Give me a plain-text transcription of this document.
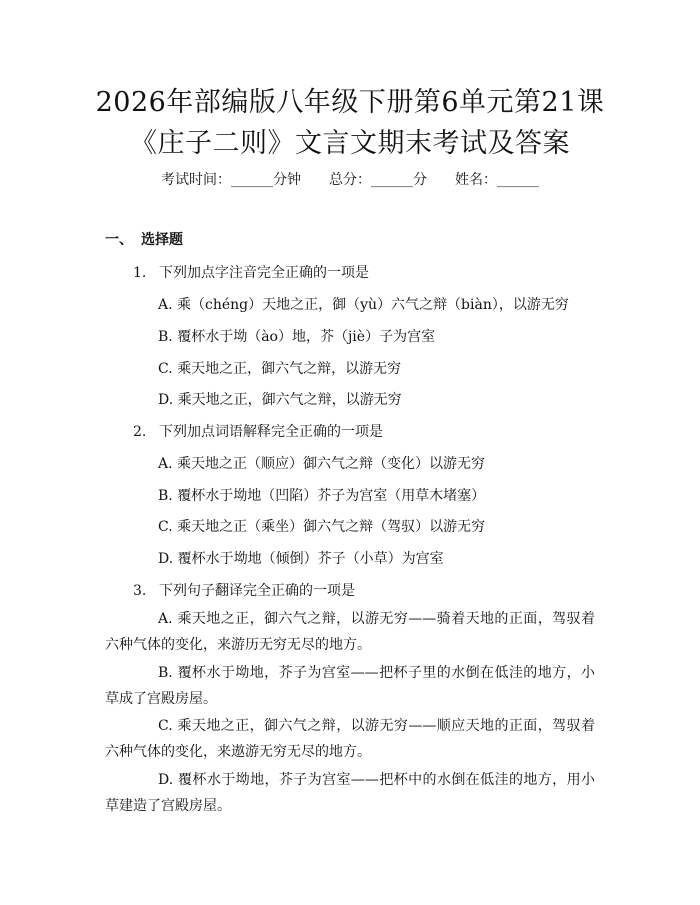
2026年部编版八年级下册第6单元第21课
《庄子二则》文言文期末考试及答案
考试时间：______分钟 总分：______分 姓名：______
一、 选择题
1. 下列加点字注音完全正确的一项是
A. 乘（chéng）天地之正，御（yù）六气之辩（biàn），以游无穷
B. 覆杯水于坳（ào）地，芥（jiè）子为宫室
C. 乘天地之正，御六气之辩，以游无穷
D. 乘天地之正，御六气之辩，以游无穷
2. 下列加点词语解释完全正确的一项是
A. 乘天地之正（顺应）御六气之辩（变化）以游无穷
B. 覆杯水于坳地（凹陷）芥子为宫室（用草木堵塞）
C. 乘天地之正（乘坐）御六气之辩（驾驭）以游无穷
D. 覆杯水于坳地（倾倒）芥子（小草）为宫室
3. 下列句子翻译完全正确的一项是
A. 乘天地之正，御六气之辩，以游无穷——骑着天地的正面，驾驭着六种气体的变化，来游历无穷无尽的地方。
B. 覆杯水于坳地，芥子为宫室——把杯子里的水倒在低洼的地方，小草成了宫殿房屋。
C. 乘天地之正，御六气之辩，以游无穷——顺应天地的正面，驾驭着六种气体的变化，来遨游无穷无尽的地方。
D. 覆杯水于坳地，芥子为宫室——把杯中的水倒在低洼的地方，用小草建造了宫殿房屋。
